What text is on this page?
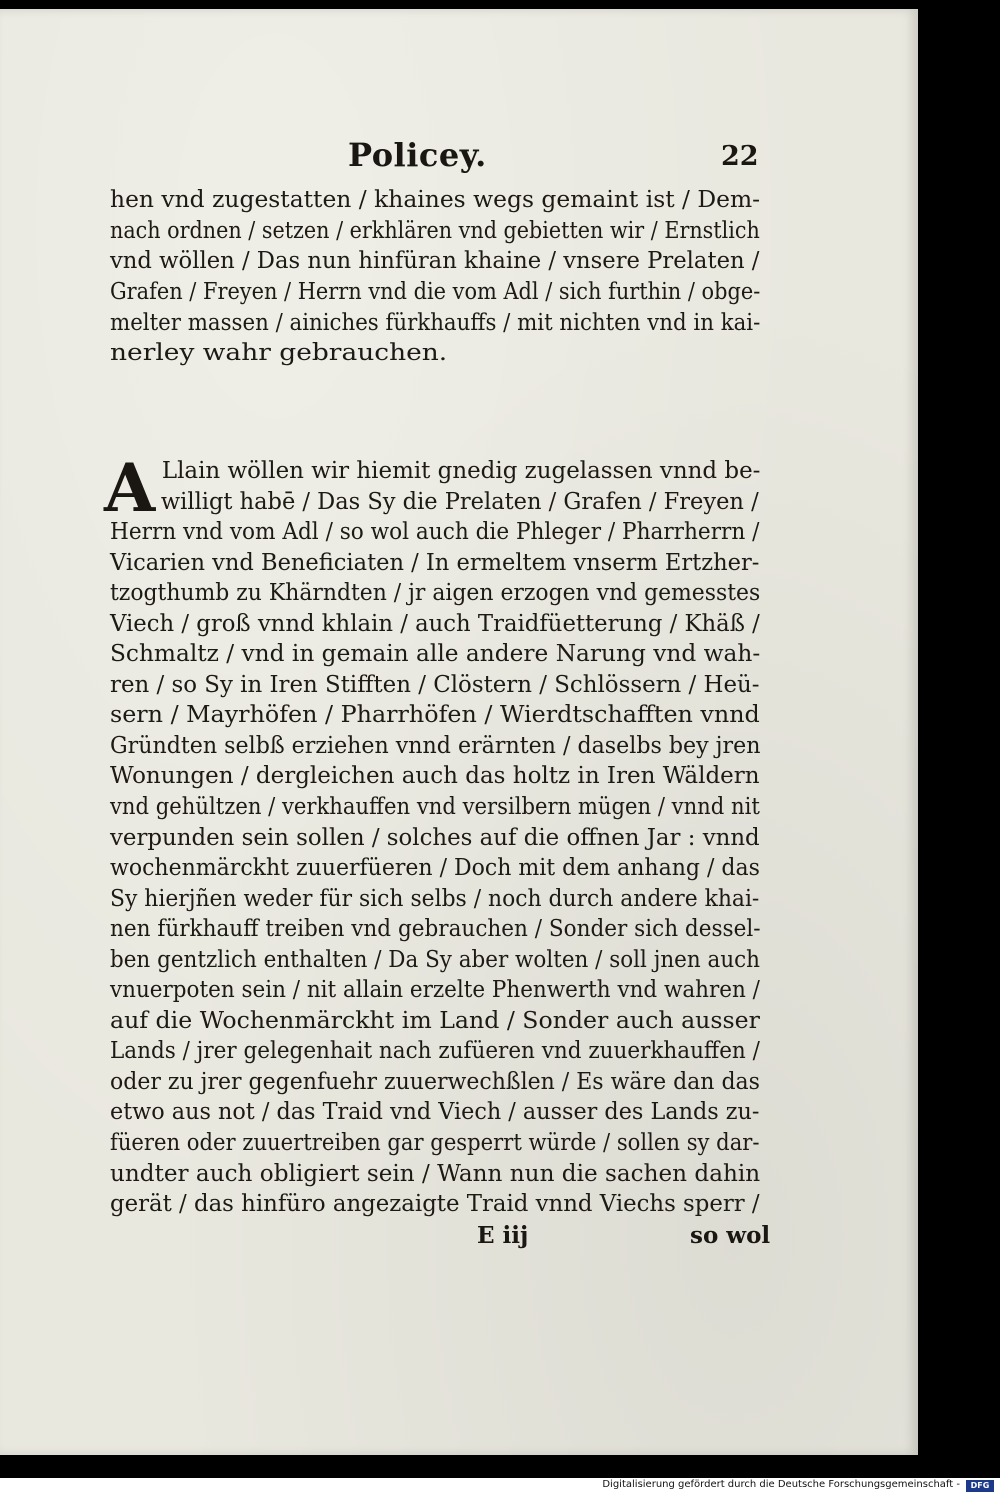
Policey.	22
hen vnd zugestatten / khaines wegs gemaint ist / Dem-
nach ordnen / setzen / erkhlären vnd gebietten wir / Ernstlich
vnd wöllen / Das nun hinfüran khaine / vnsere Prelaten /
Grafen / Freyen / Herrn vnd die vom Adl / sich furthin / obge-
melter massen / ainiches fürkhauffs / mit nichten vnd in kai-
nerley wahr gebrauchen.
A Llain wöllen wir hiemit gnedig zugelassen vnnd be-
willigt habē / Das Sy die Prelaten / Grafen / Freyen /
Herrn vnd vom Adl / so wol auch die Phleger / Pharrherrn /
Vicarien vnd Beneficiaten / In ermeltem vnserm Ertzher-
tzogthumb zu Khärndten / jr aigen erzogen vnd gemesstes
Viech / groß vnnd khlain / auch Traidfüetterung / Khäß /
Schmaltz / vnd in gemain alle andere Narung vnd wah-
ren / so Sy in Iren Stifften / Clöstern / Schlössern / Heü-
sern / Mayrhöfen / Pharrhöfen / Wierdtschafften vnnd
Gründten selbß erziehen vnnd erärnten / daselbs bey jren
Wonungen / dergleichen auch das holtz in Iren Wäldern
vnd gehültzen / verkhauffen vnd versilbern mügen / vnnd nit
verpunden sein sollen / solches auf die offnen Jar : vnnd
wochenmärckht zuuerfüeren / Doch mit dem anhang / das
Sy hierjñen weder für sich selbs / noch durch andere khai-
nen fürkhauff treiben vnd gebrauchen / Sonder sich dessel-
ben gentzlich enthalten / Da Sy aber wolten / soll jnen auch
vnuerpoten sein / nit allain erzelte Phenwerth vnd wahren /
auf die Wochenmärckht im Land / Sonder auch ausser
Lands / jrer gelegenhait nach zufüeren vnd zuuerkhauffen /
oder zu jrer gegenfuehr zuuerwechßlen / Es wäre dan das
etwo aus not / das Traid vnd Viech / ausser des Lands zu-
füeren oder zuuertreiben gar gesperrt würde / sollen sy dar-
undter auch obligiert sein / Wann nun die sachen dahin
gerät / das hinfüro angezaigte Traid vnnd Viechs sperr /
E iij	so wol
Digitalisierung gefördert durch die Deutsche Forschungsgemeinschaft -	DFG
